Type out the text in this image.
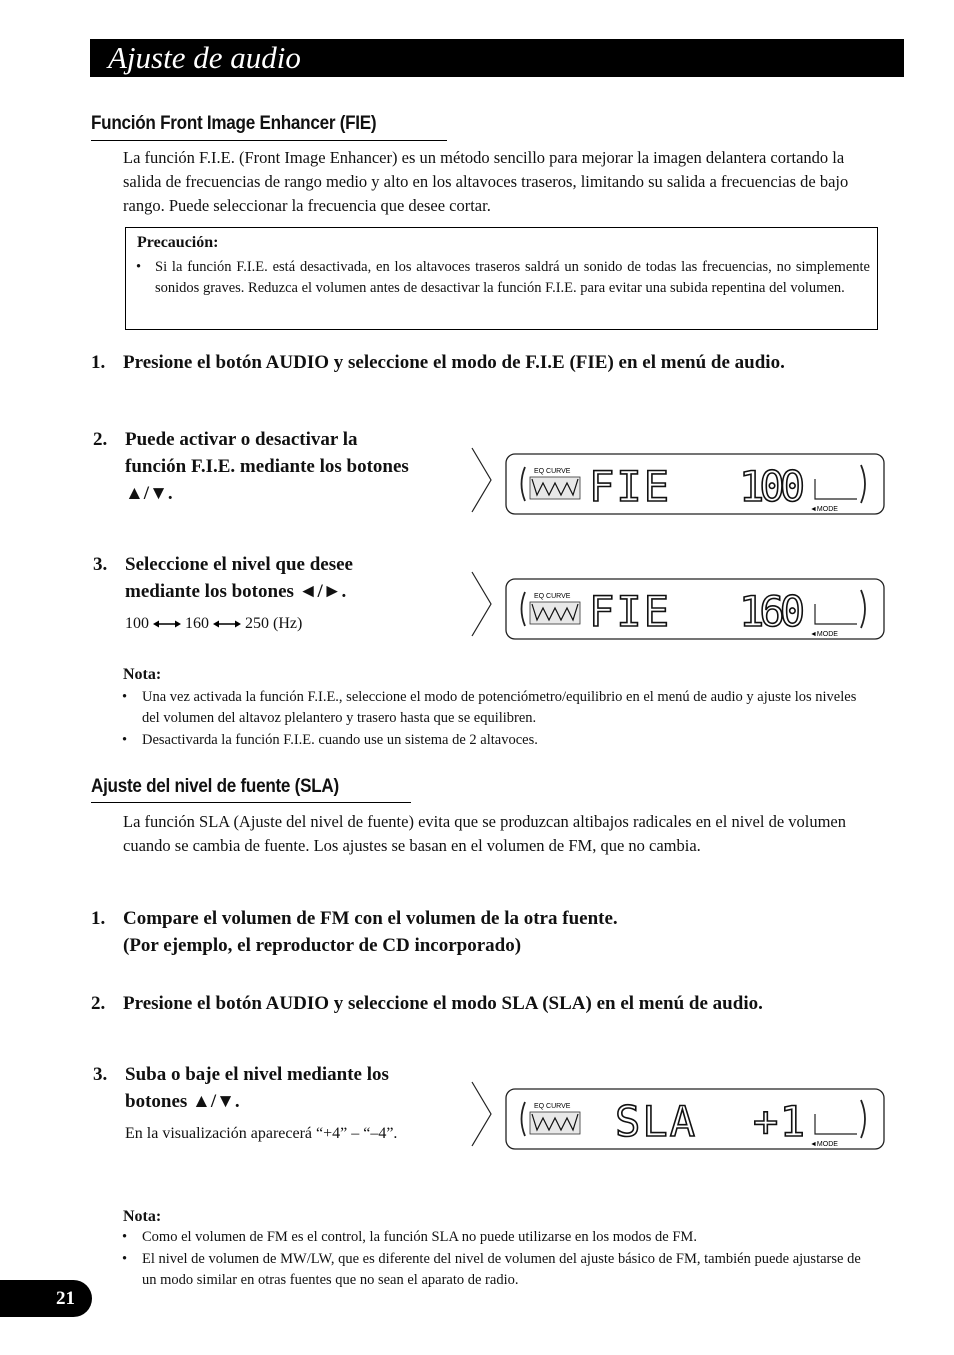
Ajuste de audio
Función Front Image Enhancer (FIE)

La función F.I.E. (Front Image Enhancer) es un método sencillo para mejorar la imagen delantera cortando la salida de frecuencias de rango medio y alto en los altavoces traseros, limitando su salida a frecuencias de bajo rango. Puede seleccionar la frecuencia que desee cortar.

Precaución:
• Si la función F.I.E. está desactivada, en los altavoces traseros saldrá un sonido de todas las frecuencias, no simplemente sonidos graves. Reduzca el volumen antes de desactivar la función F.I.E. para evitar una subida repentina del volumen.
1. Presione el botón AUDIO y seleccione el modo de F.I.E (FIE) en el menú de audio.
2. Puede activar o desactivar la función F.I.E. mediante los botones ▲/▼.
3. Seleccione el nivel que desee mediante los botones ◄/►.
100 160 250 (Hz)
EQ CURVE FIE 100 ◄MODE
EQ CURVE FIE 160 ◄MODE
Nota:
•	Una vez activada la función F.I.E., seleccione el modo de potencióm​etro/equilibrio en el menú de audio y ajuste los niveles del volumen del altavoz plelantero y trasero hasta que se equilibren.
•	Desactivarda la función F.I.E. cuando use un sistema de 2 altavoces.
Ajuste del nivel de fuente (SLA)

La función SLA (Ajuste del nivel de fuente) evita que se produzcan altibajos radicales en el nivel de volumen cuando se cambia de fuente. Los ajustes se basan en el volumen de FM, que no cambia.

1. Compare el volumen de FM con el volumen de la otra fuente.
(Por ejemplo, el reproductor de CD incorporado)
2. Presione el botón AUDIO y seleccione el modo SLA (SLA) en el menú de audio.
3. Suba o baje el nivel mediante los botones ▲/▼.
En la visualización aparecerá “+4” – “–4”.
EQ CURVE SLA +1 ◄MODE
Nota:
•	Como el volumen de FM es el control, la función SLA no puede utilizarse en los modos de FM.
•	El nivel de volumen de MW/LW, que es diferente del nivel de volumen del ajuste básico de FM, también puede ajustarse de un modo similar en otras fuentes que no sean el aparato de radio.
21
